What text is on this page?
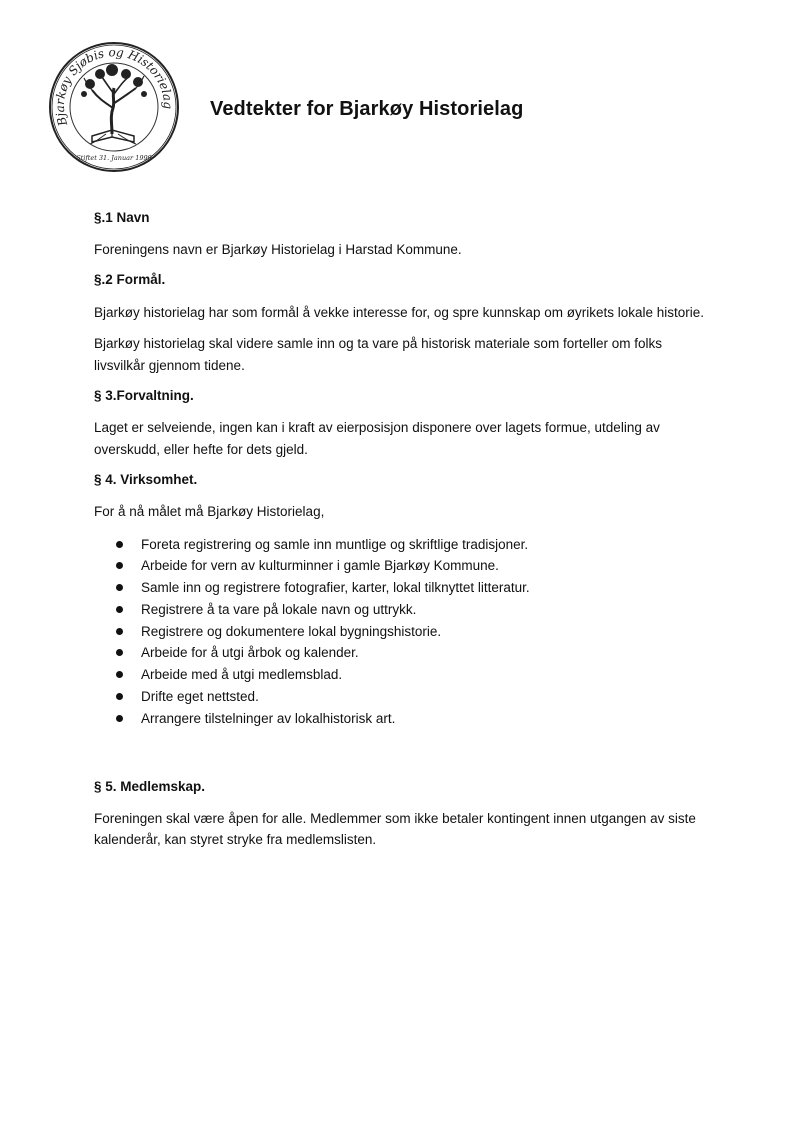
Bjarkøy Sjøbis og Historielag
Stiftet 31. Januar 1999
Vedtekter for Bjarkøy Historielag

§.1 Navn

Foreningens navn er Bjarkøy Historielag i Harstad Kommune.

§.2 Formål.

Bjarkøy historielag har som formål å vekke interesse for, og spre kunnskap om øyrikets lokale historie.

Bjarkøy historielag skal videre samle inn og ta vare på historisk materiale som forteller om folks livsvilkår gjennom tidene.

§ 3.Forvaltning.

Laget er selveiende, ingen kan i kraft av eierposisjon disponere over lagets formue, utdeling av overskudd, eller hefte for dets gjeld.

§ 4. Virksomhet.

For å nå målet må Bjarkøy Historielag,

Foreta registrering og samle inn muntlige og skriftlige tradisjoner.
Arbeide for vern av kulturminner i gamle Bjarkøy Kommune.
Samle inn og registrere fotografier, karter, lokal tilknyttet litteratur.
Registrere å ta vare på lokale navn og uttrykk.
Registrere og dokumentere lokal bygningshistorie.
Arbeide for å utgi årbok og kalender.
Arbeide med å utgi medlemsblad.
Drifte eget nettsted.
Arrangere tilstelninger av lokalhistorisk art.

§ 5. Medlemskap.

Foreningen skal være åpen for alle. Medlemmer som ikke betaler kontingent innen utgangen av siste kalenderår, kan styret stryke fra medlemslisten.
